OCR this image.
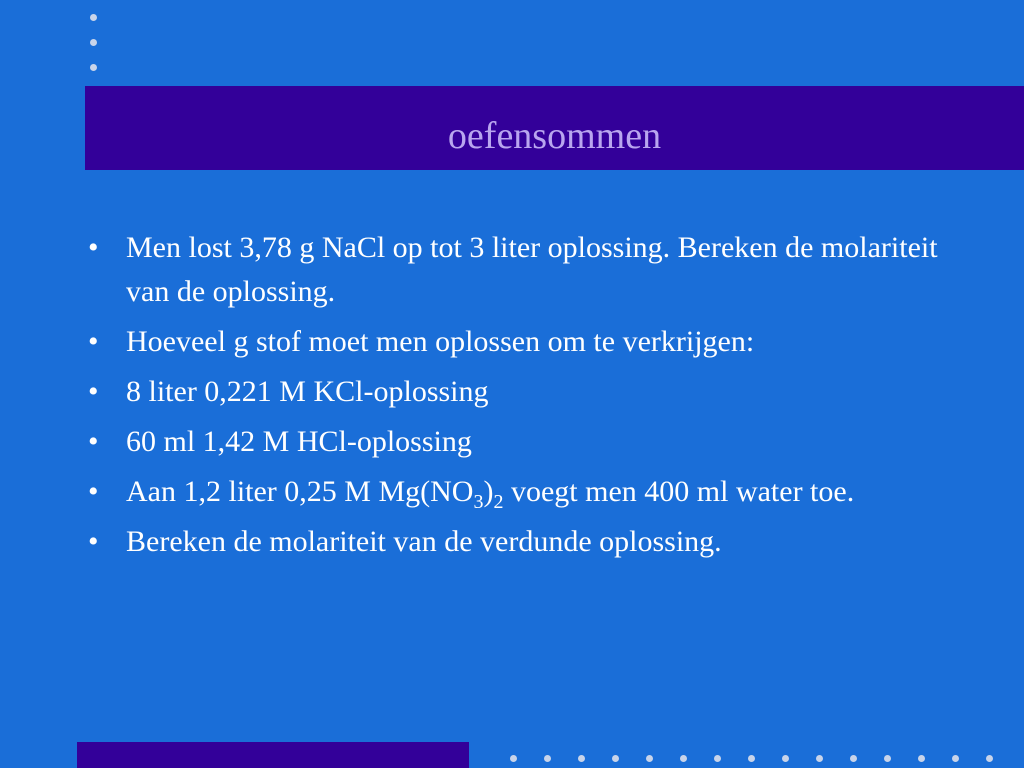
oefensommen
• Men lost 3,78 g NaCl op tot 3 liter oplossing. Bereken de molariteit van de oplossing.
• Hoeveel g stof moet men oplossen om te verkrijgen:
• 8 liter 0,221 M KCl-oplossing
• 60 ml 1,42 M HCl-oplossing
• Aan 1,2 liter 0,25 M $Mg(NO_3)_2$ voegt men 400 ml water toe.
• Bereken de molariteit van de verdunde oplossing.
